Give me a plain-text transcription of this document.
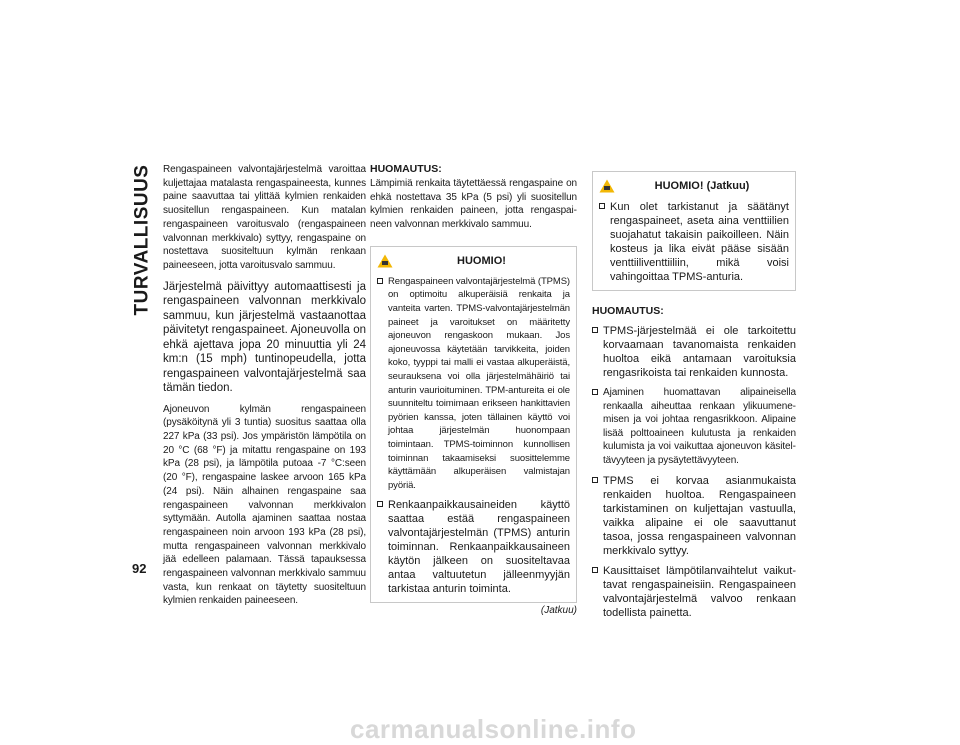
TURVALLISUUS Rengaspaineen valvontajärjestelmä varoittaa kuljettajaa matalasta rengaspaineesta, kunnes paine saavuttaa tai ylittää kylmien renkaiden suositellun rengaspaineen. Kun matalan rengaspaineen varoitusvalo (rengaspaineen valvonnan merkkivalo) syttyy, rengaspaine on nostettava suositeltuun kylmän renkaan paineeseen, jotta varoitusvalo sammuu.

Järjestelmä päivittyy automaattisesti ja rengaspaineen valvonnan merkkivalo sammuu, kun järjestelmä vastaanottaa päivitetyt rengaspaineet. Ajoneuvolla on ehkä ajettava jopa 20 minuuttia yli 24 km:n (15 mph) tuntinopeudella, jotta rengaspaineen valvontajärjestelmä saa tämän tiedon.

Ajoneuvon kylmän rengaspaineen (pysäköitynä yli 3 tuntia) suositus saattaa olla 227 kPa (33 psi). Jos ympäristön lämpötila on 20 °C (68 °F) ja mitattu rengaspaine on 193 kPa (28 psi), ja lämpötila putoaa -7 °C:seen (20 °F), rengaspaine laskee arvoon 165 kPa (24 psi). Näin alhainen rengaspaine saa rengaspaineen valvonnan merkkivalon syttymään. Autolla ajaminen saattaa nostaa rengaspaineen noin arvoon 193 kPa (28 psi), mutta rengaspaineen valvonnan merkkivalo jää edelleen palamaan. Tässä tapauksessa rengaspaineen valvonnan merkkivalo sammuu vasta, kun renkaat on täytetty suositeltuun kylmien renkaiden paineeseen.

HUOMAUTUS:

Lämpimiä renkaita täytettäessä rengaspaine on ehkä nostettava 35 kPa (5 psi) yli suositellun kylmien renkaiden paineen, jotta rengaspaineen valvonnan merkkivalo sammuu.

HUOMIO!
Rengaspaineen valvontajärjestelmä (TPMS) on optimoitu alkuperäisiä renkaita ja vanteita varten. TPMS-valvontajärjestelmän paineet ja varoitukset on määritetty ajoneuvon rengaskoon mukaan. Jos ajoneuvossa käytetään tarvikkeita, joiden koko, tyyppi tai malli ei vastaa alkuperäistä, seurauksena voi olla järjestelmähäiriö tai anturin vaurioituminen. TPM-antureita ei ole suunniteltu toimimaan erikseen hankittavien pyörien kanssa, joten tällainen käyttö voi johtaa järjestelmän huonompaan toimintaan. TPMS-toiminnon kunnollisen toiminnan takaamiseksi suosittelemme käyttämään alkuperäisen valmistajan pyöriä.
Renkaanpaikkausaineiden käyttö saattaa estää rengaspaineen valvontajärjestelmän (TPMS) anturin toiminnan. Renkaanpaikkausaineen käytön jälkeen on suositeltavaa antaa valtuutetun jälleenmyyjän tarkistaa anturin toiminta.
(Jatkuu)
HUOMIO! (Jatkuu)
Kun olet tarkistanut ja säätänyt rengaspaineet, aseta aina venttiilien suojahatut takaisin paikoilleen. Näin kosteus ja lika eivät pääse sisään venttiiliventtiiliin, mikä voisi vahingoittaa TPMS-anturia.

HUOMAUTUS:

TPMS-järjestelmää ei ole tarkoitettu korvaamaan tavanomaista renkaiden huoltoa eikä antamaan varoituksia rengasrikoista tai renkaiden kunnosta.
Ajaminen huomattavan alipaineisella renkaalla aiheuttaa renkaan ylikuumenemisen ja voi johtaa rengasrikkoon. Alipaine lisää polttoaineen kulutusta ja renkaiden kulumista ja voi vaikuttaa ajoneuvon käsiteltävyyteen ja pysäytettävyyteen.
TPMS ei korvaa asianmukaista renkaiden huoltoa. Rengaspaineen tarkistaminen on kuljettajan vastuulla, vaikka alipaine ei ole saavuttanut tasoa, jossa rengaspaineen valvonnan merkkivalo syttyy.
Kausittaiset lämpötilanvaihtelut vaikuttavat rengaspaineisiin. Rengaspaineen valvontajärjestelmä valvoo renkaan todellista painetta.
92
carmanualsonline.info
